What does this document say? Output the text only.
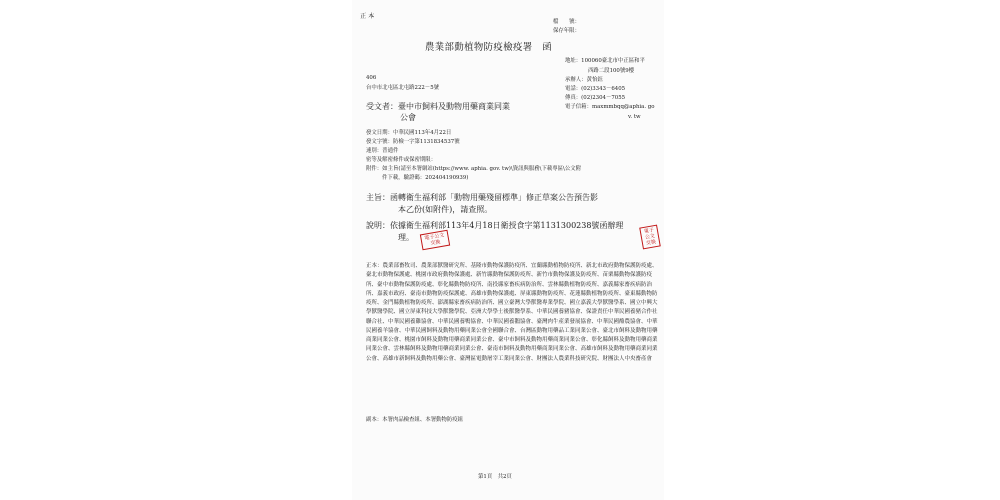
正 本
檔　　號：
保存年限：
農業部動植物防疫檢疫署　函
地址：100060臺北市中正區和平
西路二段100號9樓
承辦人：黃怡鈺
電話：(02)3343－6405
傳真：(02)2304－7055
電子信箱：maxmmbqq@aphia. go
v. tw
406
台中市北屯區北屯路222－5號
受文者：臺中市飼料及動物用藥商業同業
公會
發文日期：中華民國113年4月22日
發文字號：防檢一字第1131834537號
速別：普通件
密等及解密條件或保密期限：
附件：如主旨(請至本署網站(https://www. aphia. gov. tw)\資訊與服務\下載專區\公文附
件下載，驗證碼：202404190939)
主旨：函轉衛生福利部「動物用藥殘留標準」修正草案公告預告影
本乙份(如附件)，請查照。
說明：依據衛生福利部113年4月18日衛授食字第1131300238號函辦理
理。	電子公文交換
電子公文交換
正本：農業部畜牧司、農業部獸醫研究所、基隆市動物保護防疫所、宜蘭縣動植物防疫所、新北市政府動物保護防疫處、臺北市動物保護處、桃園市政府動物保護處、新竹縣動物保護防疫所、新竹市動物保護及防疫所、苗栗縣動物保護防疫所、臺中市動物保護防疫處、彰化縣動物防疫所、南投縣家畜疾病防治所、雲林縣動植物防疫所、嘉義縣家畜疾病防治所、嘉義市政府、臺南市動物防疫保護處、高雄市動物保護處、屏東縣動物防疫所、花蓮縣動植物防疫所、臺東縣動物防疫所、金門縣動植物防疫所、澎湖縣家畜疾病防治所、國立臺灣大學獸醫專業學院、國立嘉義大學獸醫學系、國立中興大學獸醫學院、國立屏東科技大學獸醫學院、亞洲大學學士後獸醫學系、中華民國養豬協會、保證責任中華民國養豬合作社聯合社、中華民國養雞協會、中華民國養鴨協會、中華民國養鵝協會、臺灣肉牛產業發展協會、中華民國酪農協會、中華民國養羊協會、中華民國飼料及動物用藥同業公會全國聯合會、台灣區動物用藥品工業同業公會、臺北市飼料及動物用藥商業同業公會、桃園市飼料及動物用藥商業同業公會、臺中市飼料及動物用藥商業同業公會、彰化縣飼料及動物用藥商業同業公會、雲林縣飼料及動物用藥商業同業公會、臺南市飼料及動物用藥商業同業公會、高雄市飼料及動物用藥商業同業公會、高雄市新飼料及動物用藥公會、臺灣區電動屠宰工業同業公會、財團法人農業科技研究院、財團法人中央畜產會
副本：本署肉品檢查組、本署動物防疫組
第1頁　共2頁
